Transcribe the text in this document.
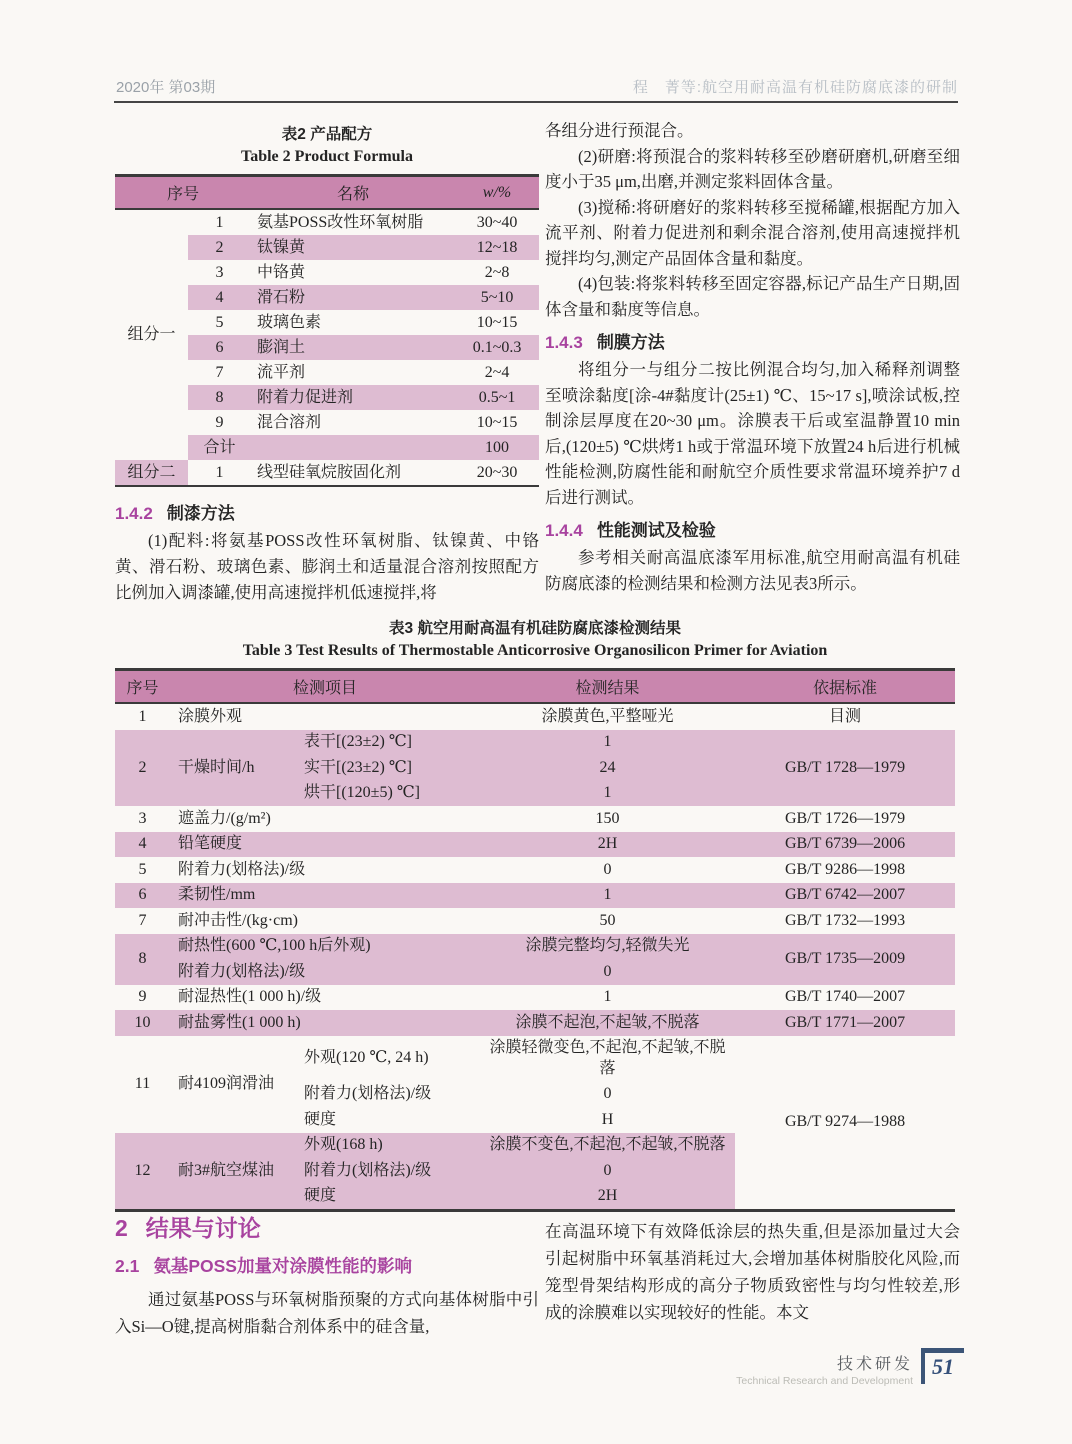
2020年 第03期	程　菁等:航空用耐高温有机硅防腐底漆的研制
表2 产品配方
Table 2 Product Formula
序号		名称	w/%
组分一	1	氨基POSS改性环氧树脂	30~40
	2	钛镍黄	12~18
	3	中铬黄	2~8
	4	滑石粉	5~10
	5	玻璃色素	10~15
	6	膨润土	0.1~0.3
	7	流平剂	2~4
	8	附着力促进剂	0.5~1
	9	混合溶剂	10~15
	合计		100
组分二	1	线型硅氧烷胺固化剂	20~30
1.4.2 制漆方法

(1)配料:将氨基POSS改性环氧树脂、钛镍黄、中铬黄、滑石粉、玻璃色素、膨润土和适量混合溶剂按照配方比例加入调漆罐,使用高速搅拌机低速搅拌,将

各组分进行预混合。

(2)研磨:将预混合的浆料转移至砂磨研磨机,研磨至细度小于35 μm,出磨,并测定浆料固体含量。

(3)搅稀:将研磨好的浆料转移至搅稀罐,根据配方加入流平剂、附着力促进剂和剩余混合溶剂,使用高速搅拌机搅拌均匀,测定产品固体含量和黏度。

(4)包装:将浆料转移至固定容器,标记产品生产日期,固体含量和黏度等信息。

1.4.3 制膜方法

将组分一与组分二按比例混合均匀,加入稀释剂调整至喷涂黏度[涂-4#黏度计(25±1) ℃、15~17 s],喷涂试板,控制涂层厚度在20~30 μm。涂膜表干后或室温静置10 min后,(120±5) ℃烘烤1 h或于常温环境下放置24 h后进行机械性能检测,防腐性能和耐航空介质性要求常温环境养护7 d后进行测试。

1.4.4 性能测试及检验

参考相关耐高温底漆军用标准,航空用耐高温有机硅防腐底漆的检测结果和检测方法见表3所示。

表3 航空用耐高温有机硅防腐底漆检测结果
Table 3 Test Results of Thermostable Anticorrosive Organosilicon Primer for Aviation
序号	检测项目		检测结果	依据标准
1	涂膜外观		涂膜黄色,平整哑光	目测
2	干燥时间/h	表干[(23±2) ℃]	1	GB/T 1728—1979
		实干[(23±2) ℃]	24	
		烘干[(120±5) ℃]	1	
3	遮盖力/(g/m²)		150	GB/T 1726—1979
4	铅笔硬度		2H	GB/T 6739—2006
5	附着力(划格法)/级		0	GB/T 9286—1998
6	柔韧性/mm		1	GB/T 6742—2007
7	耐冲击性/(kg·cm)		50	GB/T 1732—1993
8	耐热性(600 ℃,100 h后外观)		涂膜完整均匀,轻微失光	GB/T 1735—2009
	附着力(划格法)/级		0	
9	耐湿热性(1 000 h)/级		1	GB/T 1740—2007
10	耐盐雾性(1 000 h)		涂膜不起泡,不起皱,不脱落	GB/T 1771—2007
11	耐4109润滑油	外观(120 ℃, 24 h)	涂膜轻微变色,不起泡,不起皱,不脱落	GB/T 9274—1988
		附着力(划格法)/级	0	
		硬度	H	
12	耐3#航空煤油	外观(168 h)	涂膜不变色,不起泡,不起皱,不脱落	
		附着力(划格法)/级	0	
		硬度	2H	
2 结果与讨论
2.1 氨基POSS加量对涂膜性能的影响

通过氨基POSS与环氧树脂预聚的方式向基体树脂中引入Si—O键,提高树脂黏合剂体系中的硅含量,

在高温环境下有效降低涂层的热失重,但是添加量过大会引起树脂中环氧基消耗过大,会增加基体树脂胶化风险,而笼型骨架结构形成的高分子物质致密性与均匀性较差,形成的涂膜难以实现较好的性能。本文

技术研发
Technical Research and Development
51
